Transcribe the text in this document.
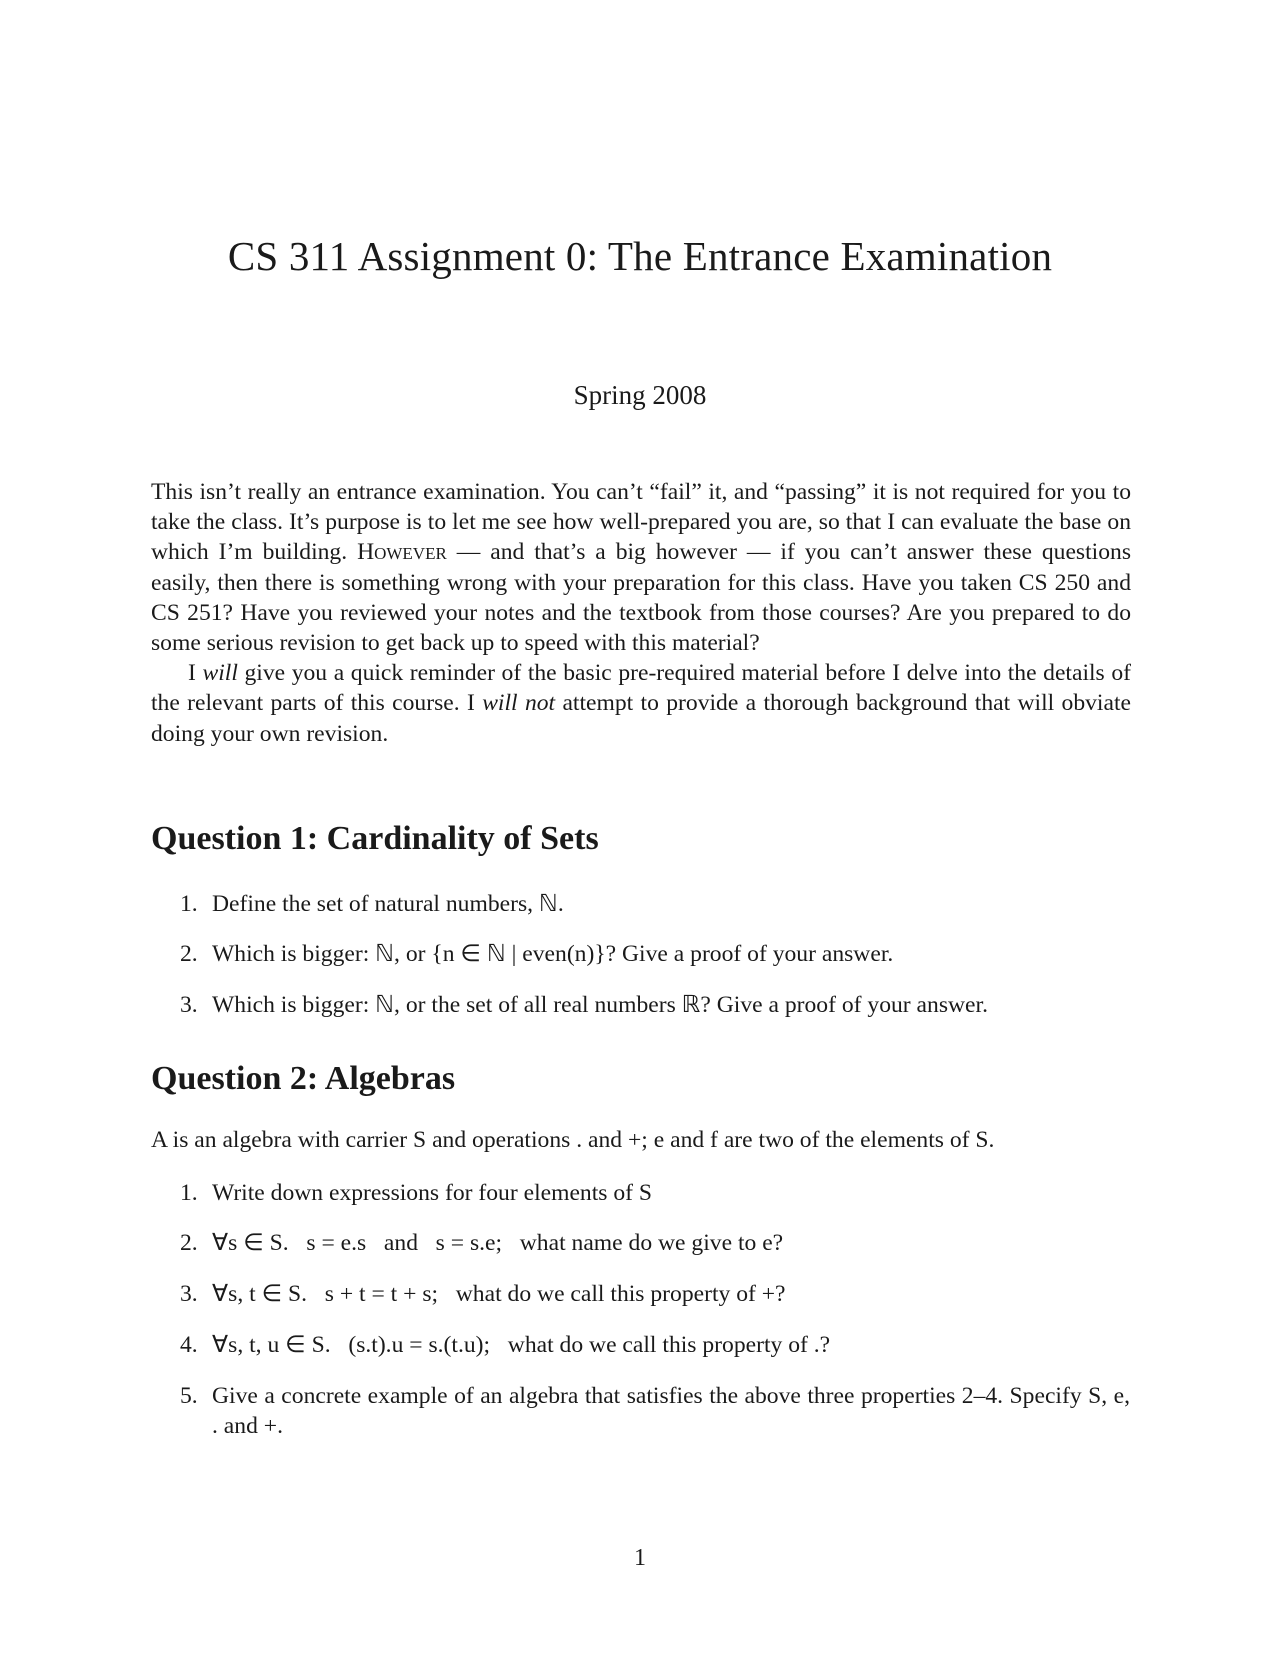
CS 311 Assignment 0: The Entrance Examination
Spring 2008

This isn’t really an entrance examination. You can’t “fail” it, and “passing” it is not required for you to take the class. It’s purpose is to let me see how well-prepared you are, so that I can evaluate the base on which I’m building. However — and that’s a big however — if you can’t answer these questions easily, then there is something wrong with your preparation for this class. Have you taken CS 250 and CS 251? Have you reviewed your notes and the textbook from those courses? Are you prepared to do some serious revision to get back up to speed with this material?

I will give you a quick reminder of the basic pre-required material before I delve into the details of the relevant parts of this course. I will not attempt to provide a thorough background that will obviate doing your own revision.

Question 1: Cardinality of Sets
1. Define the set of natural numbers, ℕ.
2. Which is bigger: ℕ, or {n ∈ ℕ | even(n)}? Give a proof of your answer.
3. Which is bigger: ℕ, or the set of all real numbers ℝ? Give a proof of your answer.
Question 2: Algebras
A is an algebra with carrier S and operations . and +; e and f are two of the elements of S.
1. Write down expressions for four elements of S
2. ∀s ∈ S.   s = e.s   and   s = s.e;   what name do we give to e?
3. ∀s, t ∈ S.   s + t = t + s;   what do we call this property of +?
4. ∀s, t, u ∈ S.   (s.t).u = s.(t.u);   what do we call this property of .?
5. Give a concrete example of an algebra that satisfies the above three properties 2–4. Specify S, e, . and +.
1
